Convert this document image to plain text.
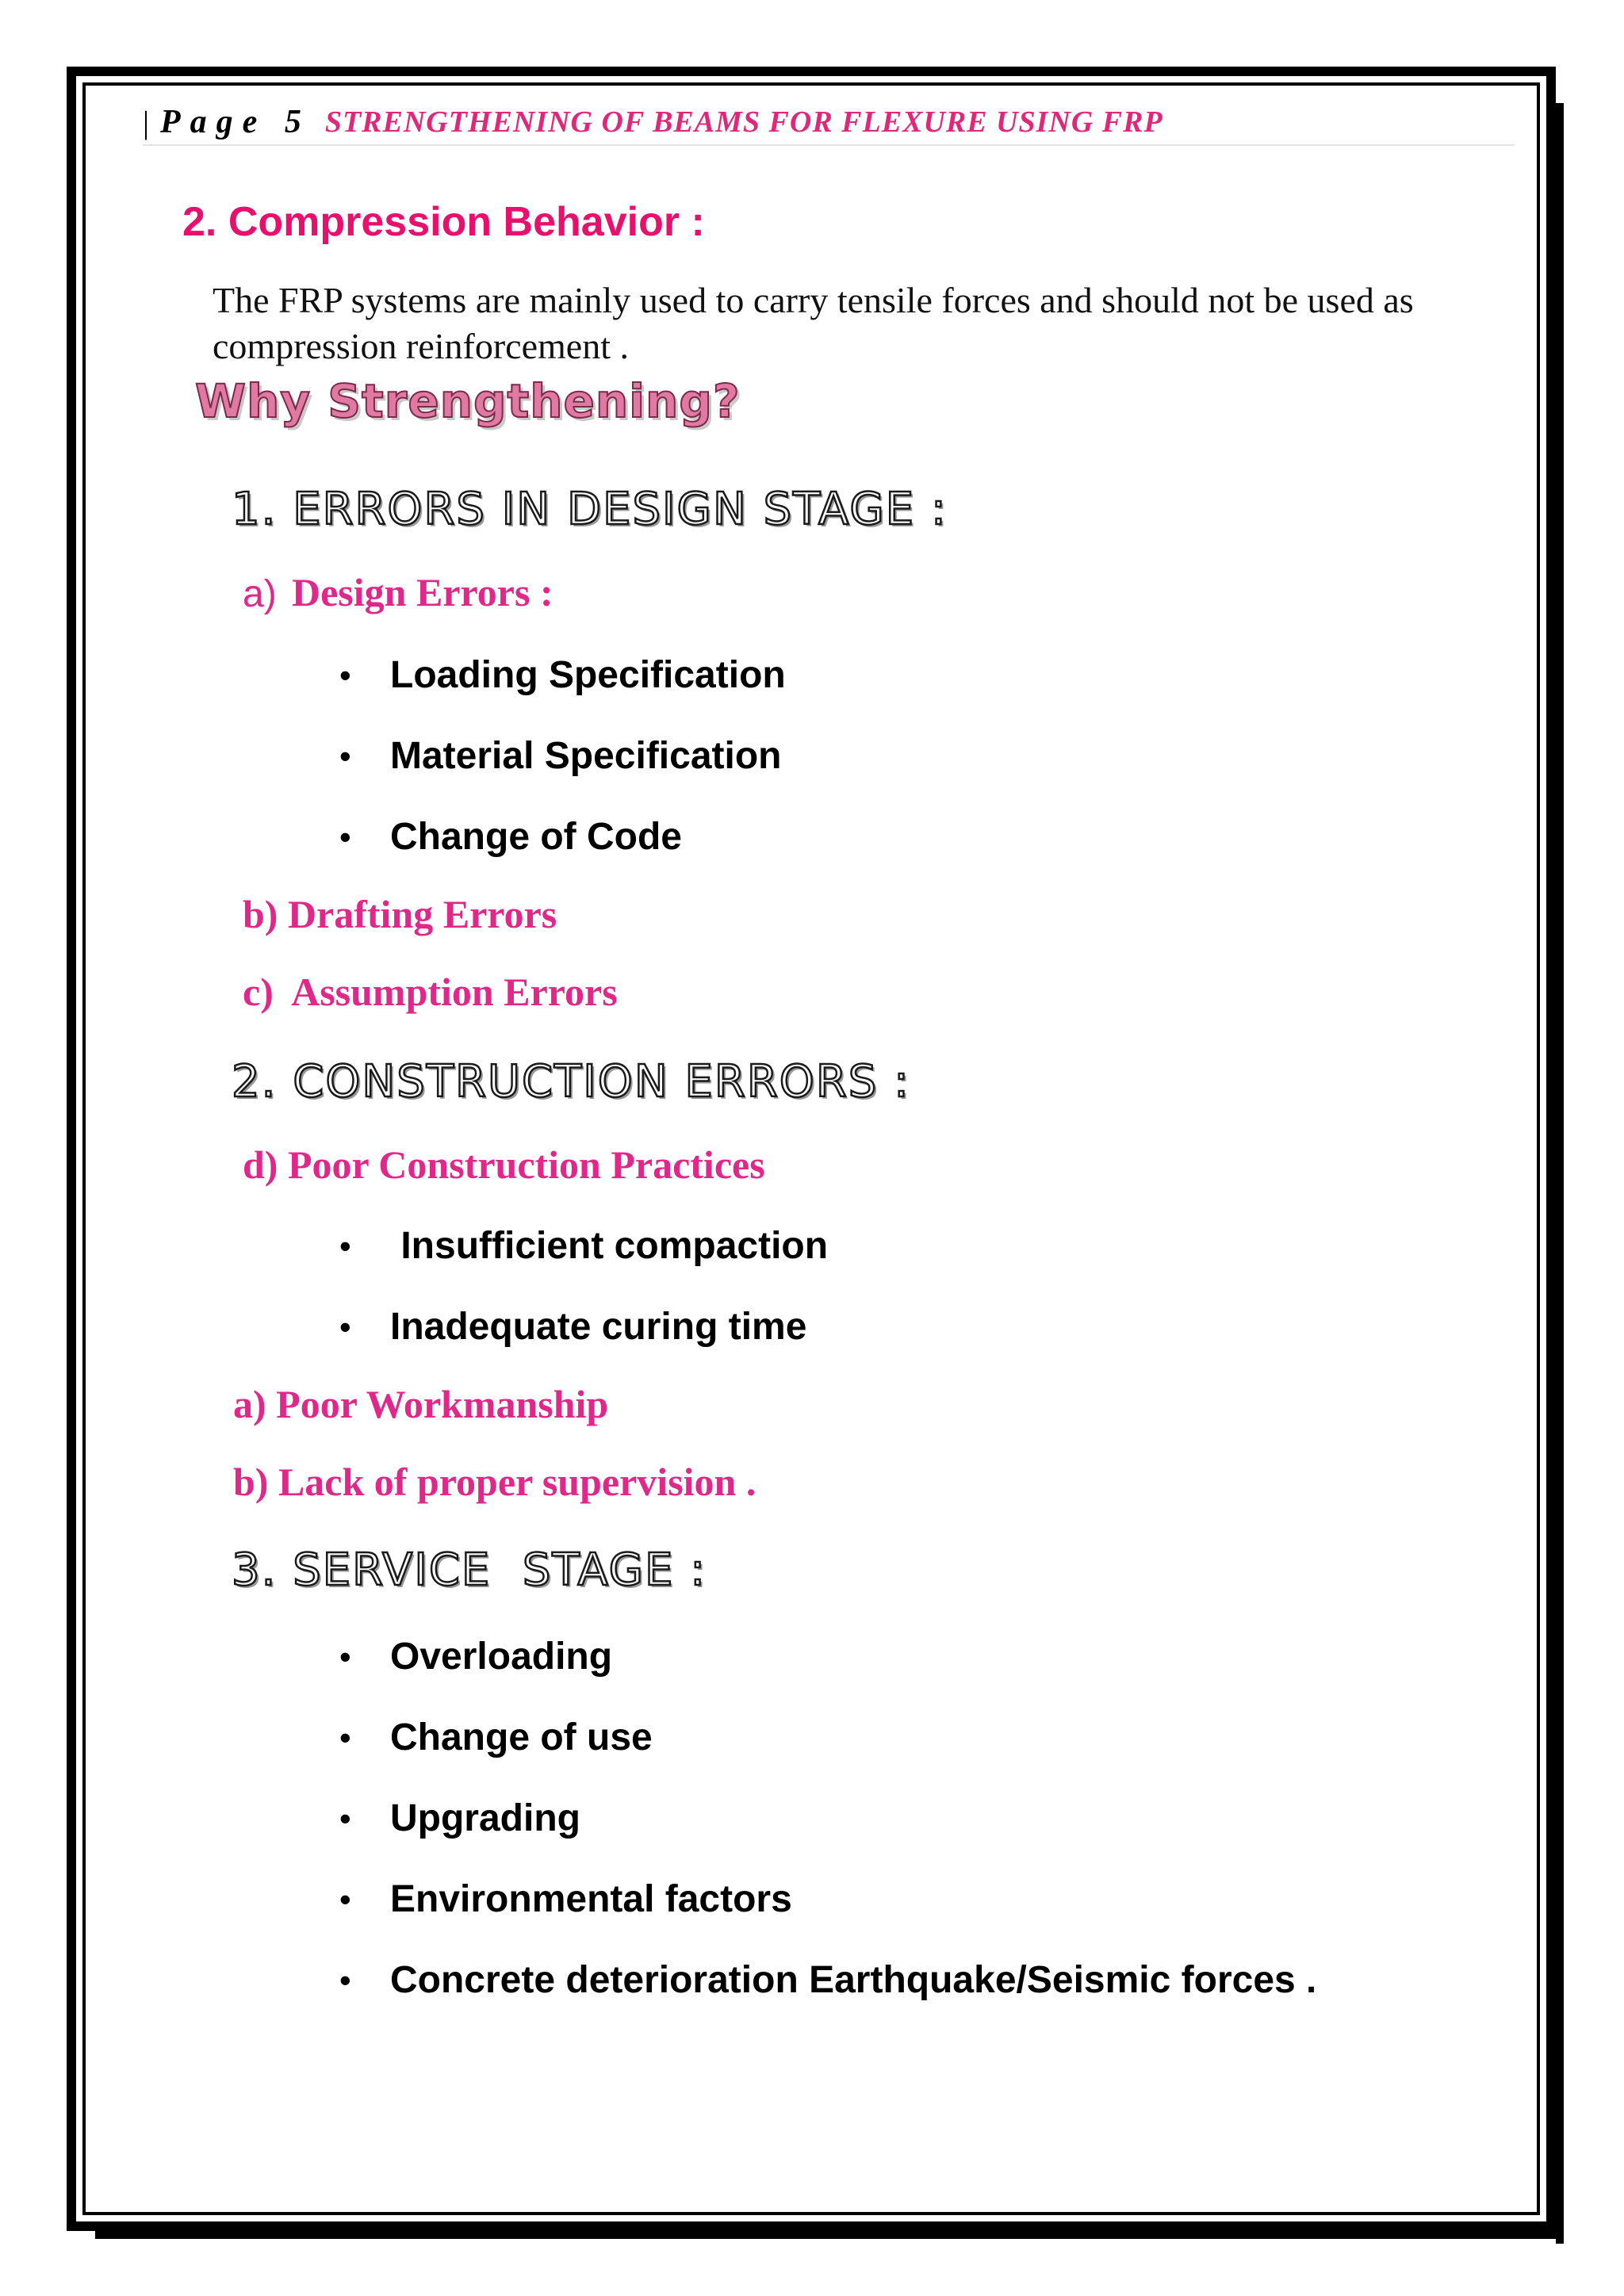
| Page 5 STRENGTHENING OF BEAMS FOR FLEXURE USING FRP
2. Compression Behavior :
The FRP systems are mainly used to carry tensile forces and should not be used as compression reinforcement .
Why Strengthening?
1. ERRORS IN DESIGN STAGE :
a) Design Errors :
•	Loading Specification
•	Material Specification
•	Change of Code
b) Drafting Errors
c)  Assumption Errors
2. CONSTRUCTION ERRORS :
d) Poor Construction Practices
•	Insufficient compaction
•	Inadequate curing time
a) Poor Workmanship
b) Lack of proper supervision .
3. SERVICE  STAGE :
•	Overloading
•	Change of use
•	Upgrading
•	Environmental factors
•	Concrete deterioration Earthquake/Seismic forces .
